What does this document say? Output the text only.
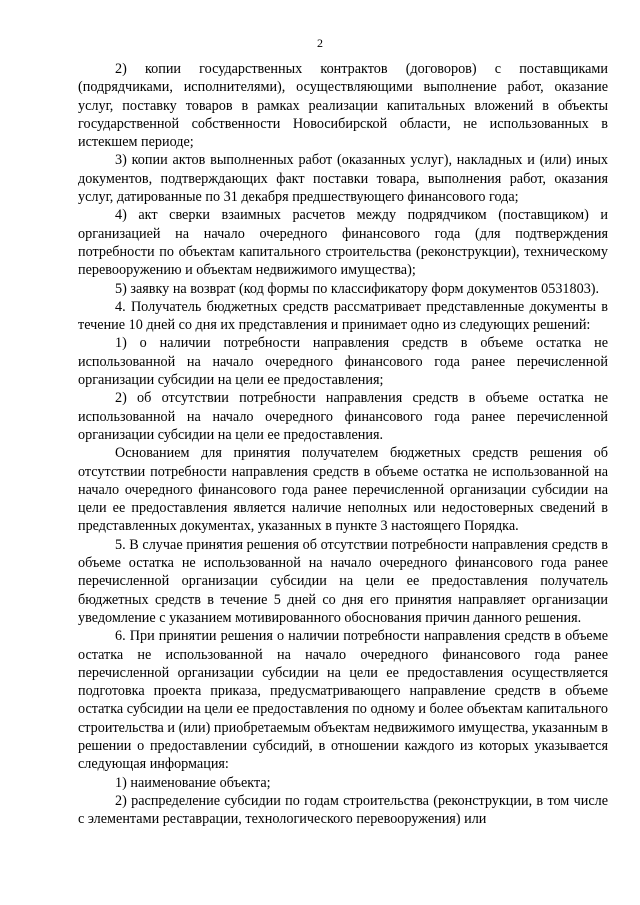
2

2) копии государственных контрактов (договоров) с поставщиками (подрядчиками, исполнителями), осуществляющими выполнение работ, оказание услуг, поставку товаров в рамках реализации капитальных вложений в объекты государственной собственности Новосибирской области, не использованных в истекшем периоде;

3) копии актов выполненных работ (оказанных услуг), накладных и (или) иных документов, подтверждающих факт поставки товара, выполнения работ, оказания услуг, датированные по 31 декабря предшествующего финансового года;

4) акт сверки взаимных расчетов между подрядчиком (поставщиком) и организацией на начало очередного финансового года (для подтверждения потребности по объектам капитального строительства (реконструкции), техническому перевооружению и объектам недвижимого имущества);

5) заявку на возврат (код формы по классификатору форм документов 0531803).

4. Получатель бюджетных средств рассматривает представленные документы в течение 10 дней со дня их представления и принимает одно из следующих решений:

1) о наличии потребности направления средств в объеме остатка не использованной на начало очередного финансового года ранее перечисленной организации субсидии на цели ее предоставления;

2) об отсутствии потребности направления средств в объеме остатка не использованной на начало очередного финансового года ранее перечисленной организации субсидии на цели ее предоставления.

Основанием для принятия получателем бюджетных средств решения об отсутствии потребности направления средств в объеме остатка не использованной на начало очередного финансового года ранее перечисленной организации субсидии на цели ее предоставления является наличие неполных или недостоверных сведений в представленных документах, указанных в пункте 3 настоящего Порядка.

5. В случае принятия решения об отсутствии потребности направления средств в объеме остатка не использованной на начало очередного финансового года ранее перечисленной организации субсидии на цели ее предоставления получатель бюджетных средств в течение 5 дней со дня его принятия направляет организации уведомление с указанием мотивированного обоснования причин данного решения.

6. При принятии решения о наличии потребности направления средств в объеме остатка не использованной на начало очередного финансового года ранее перечисленной организации субсидии на цели ее предоставления осуществляется подготовка проекта приказа, предусматривающего направление средств в объеме остатка субсидии на цели ее предоставления по одному и более объектам капитального строительства и (или) приобретаемым объектам недвижимого имущества, указанным в решении о предоставлении субсидий, в отношении каждого из которых указывается следующая информация:

1) наименование объекта;

2) распределение субсидии по годам строительства (реконструкции, в том числе с элементами реставрации, технологического перевооружения) или
